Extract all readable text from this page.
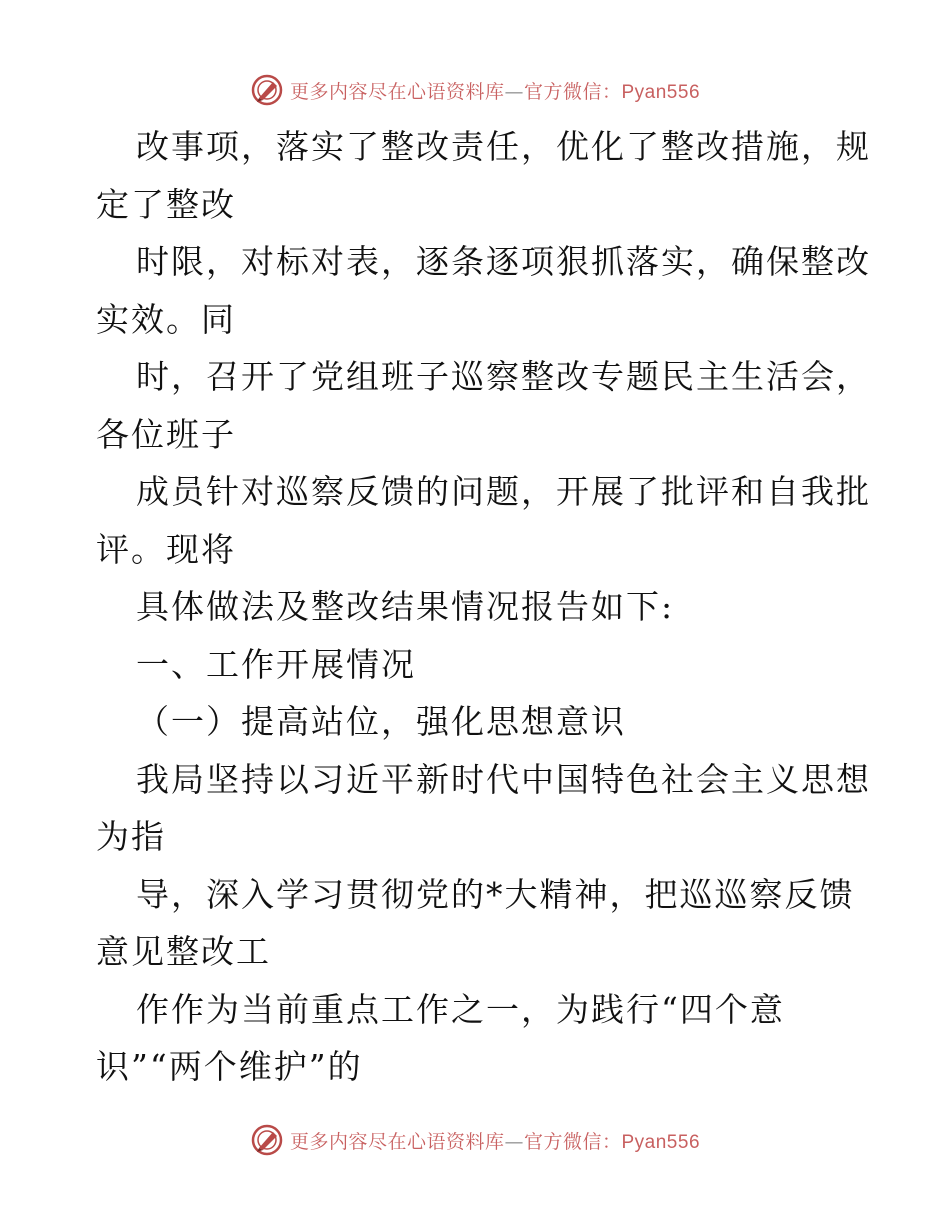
更多内容尽在心语资料库—官方微信：Pyan556
改事项，落实了整改责任，优化了整改措施，规
定了整改
时限，对标对表，逐条逐项狠抓落实，确保整改
实效。同
时，召开了党组班子巡察整改专题民主生活会，
各位班子
成员针对巡察反馈的问题，开展了批评和自我批
评。现将
具体做法及整改结果情况报告如下:
一、工作开展情况
（一）提高站位，强化思想意识
我局坚持以习近平新时代中国特色社会主义思想
为指
导，深入学习贯彻党的*大精神，把巡巡察反馈
意见整改工
作作为当前重点工作之一，为践行“四个意
识”“两个维护”的
更多内容尽在心语资料库—官方微信：Pyan556
